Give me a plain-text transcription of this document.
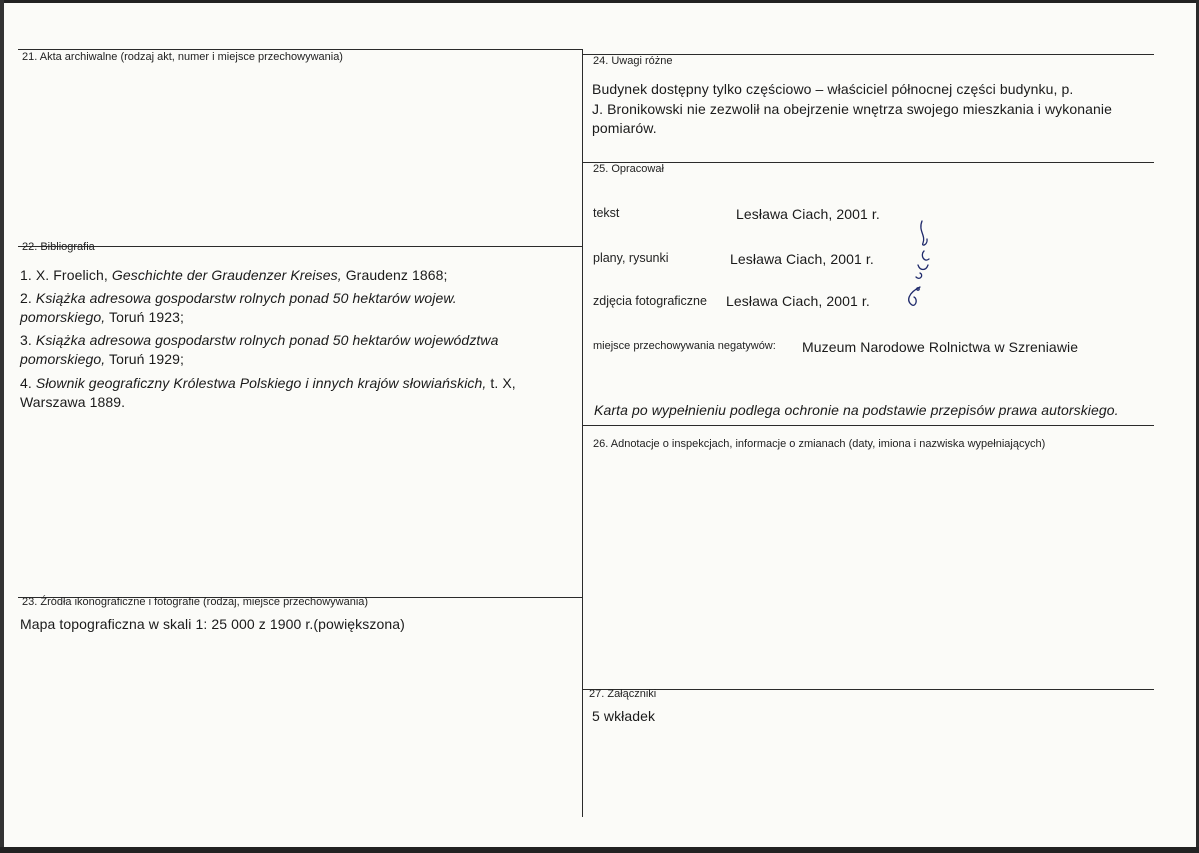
21. Akta archiwalne (rodzaj akt, numer i miejsce przechowywania)
22. Bibliografia
1. X. Froelich, Geschichte der Graudenzer Kreises, Graudenz 1868;
2. Książka adresowa gospodarstw rolnych ponad 50 hektarów wojew.
pomorskiego, Toruń 1923;
3. Książka adresowa gospodarstw rolnych ponad 50 hektarów województwa
pomorskiego, Toruń 1929;
4. Słownik geograficzny Królestwa Polskiego i innych krajów słowiańskich, t. X,
Warszawa 1889.
23. Źródła ikonograficzne i fotografie (rodzaj, miejsce przechowywania)
Mapa topograficzna w skali 1: 25 000 z 1900 r.(powiększona)
24. Uwagi różne
Budynek dostępny tylko częściowo – właściciel północnej części budynku, p.
J. Bronikowski nie zezwolił na obejrzenie wnętrza swojego mieszkania i wykonanie
pomiarów.
25. Opracował
tekst	Lesława Ciach, 2001 r.
plany, rysunki	Lesława Ciach, 2001 r.
zdjęcia fotograficzne Lesława Ciach, 2001 r.
miejsce przechowywania negatywów: Muzeum Narodowe Rolnictwa w Szreniawie
Karta po wypełnieniu podlega ochronie na podstawie przepisów prawa autorskiego.
26. Adnotacje o inspekcjach, informacje o zmianach (daty, imiona i nazwiska wypełniających)
27. Załączniki
5 wkładek
